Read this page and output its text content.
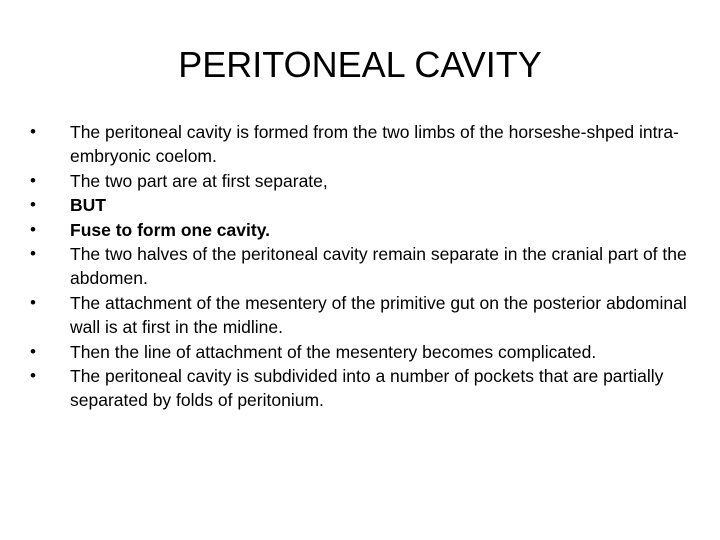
PERITONEAL CAVITY
•	The peritoneal cavity is formed from the two limbs of the horseshe-shped intra-embryonic coelom.
•	The two part are at first separate,
•	BUT
•	Fuse to form one cavity.
•	The two halves of the peritoneal cavity remain separate in the cranial part of the abdomen.
•	The attachment of the mesentery of the primitive gut on the posterior abdominal wall is at first in the midline.
•	Then the line of attachment of the mesentery becomes complicated.
•	The peritoneal cavity is subdivided into a number of pockets that are partially separated by folds of peritonium.
